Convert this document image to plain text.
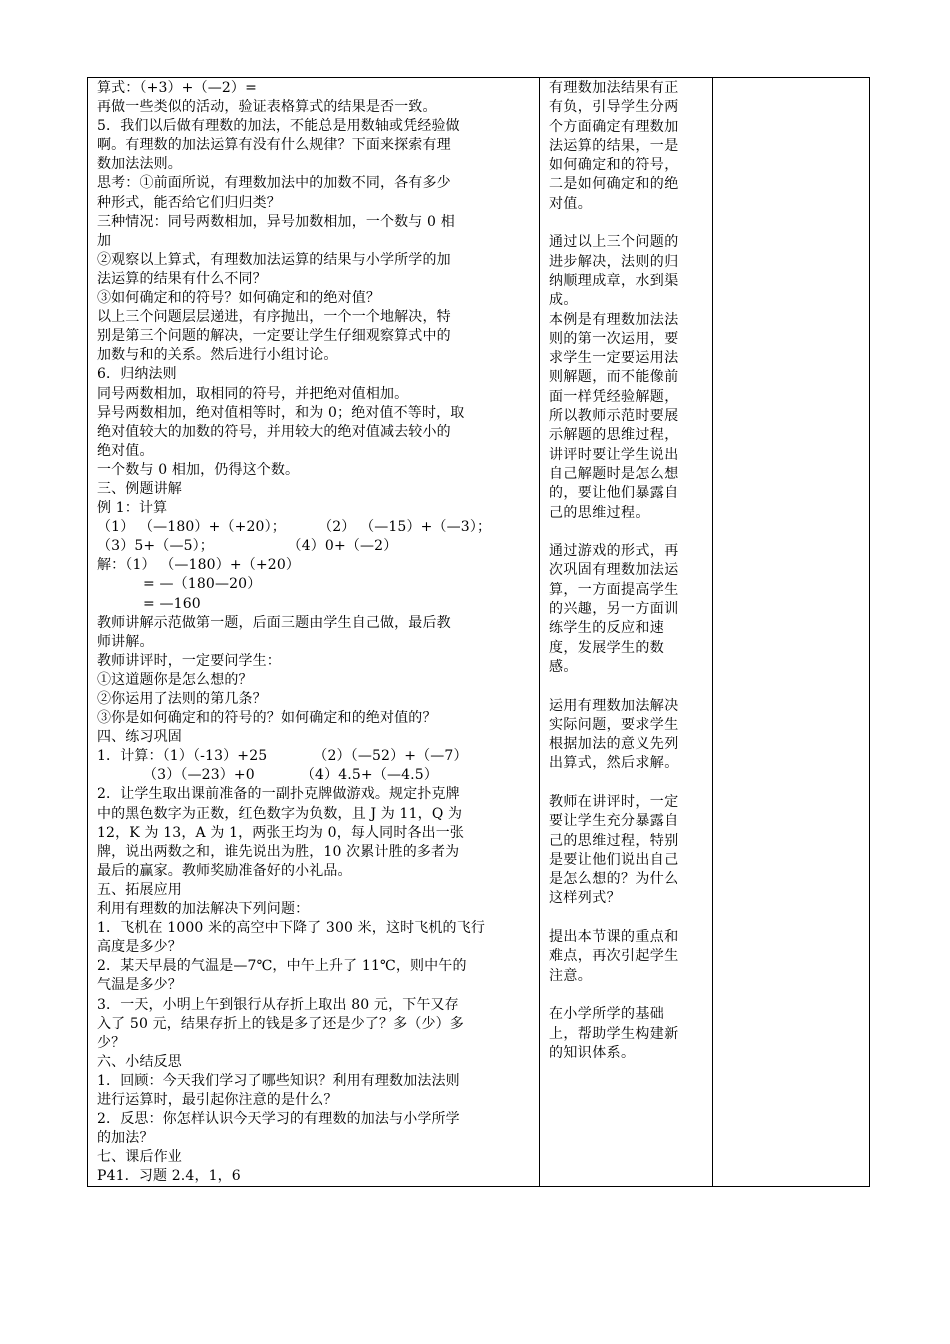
算式：（+3）+（—2）=
再做一些类似的活动，验证表格算式的结果是否一致。
5．我们以后做有理数的加法，不能总是用数轴或凭经验做
啊。有理数的加法运算有没有什么规律？下面来探索有理
数加法法则。
思考：①前面所说，有理数加法中的加数不同，各有多少
种形式，能否给它们归归类？
三种情况：同号两数相加，异号加数相加，一个数与 0 相
加
②观察以上算式，有理数加法运算的结果与小学所学的加
法运算的结果有什么不同？
③如何确定和的符号？如何确定和的绝对值？
以上三个问题层层递进，有序抛出，一个一个地解决，特
别是第三个问题的解决，一定要让学生仔细观察算式中的
加数与和的关系。然后进行小组讨论。
6．归纳法则
同号两数相加，取相同的符号，并把绝对值相加。
异号两数相加，绝对值相等时，和为 0；绝对值不等时，取
绝对值较大的加数的符号，并用较大的绝对值减去较小的
绝对值。
一个数与 0 相加，仍得这个数。
三、例题讲解
例 1：计算
（1） （—180）+（+20）；       （2） （—15）+（—3）；
（3）5+（—5）；                （4）0+（—2）
解：（1） （—180）+（+20）
= —（180—20）
= —160
教师讲解示范做第一题，后面三题由学生自己做，最后教
师讲解。
教师讲评时，一定要问学生：
①这道题你是怎么想的？
②你运用了法则的第几条？
③你是如何确定和的符号的？如何确定和的绝对值的？
四、练习巩固
1．计算：（1）（-13）+25          （2）（—52）+（—7）
（3）（—23）+0          （4）4.5+（—4.5）
2．让学生取出课前准备的一副扑克牌做游戏。规定扑克牌
中的黑色数字为正数，红色数字为负数，且 J 为 11，Q 为
12，K 为 13，A 为 1，两张王均为 0，每人同时各出一张
牌，说出两数之和，谁先说出为胜，10 次累计胜的多者为
最后的赢家。教师奖励准备好的小礼品。
五、拓展应用
利用有理数的加法解决下列问题：
1．飞机在 1000 米的高空中下降了 300 米，这时飞机的飞行
高度是多少？
2．某天早晨的气温是—7℃，中午上升了 11℃，则中午的
气温是多少？
3．一天，小明上午到银行从存折上取出 80 元，下午又存
入了 50 元，结果存折上的钱是多了还是少了？多（少）多
少？
六、小结反思
1．回顾：今天我们学习了哪些知识？利用有理数加法法则
进行运算时，最引起你注意的是什么？
2．反思：你怎样认识今天学习的有理数的加法与小学所学
的加法？
七、课后作业
P41．习题 2.4，1，6

有理数加法结果有正
有负，引导学生分两
个方面确定有理数加
法运算的结果，一是
如何确定和的符号，
二是如何确定和的绝
对值。
通过以上三个问题的
进步解决，法则的归
纳顺理成章，水到渠
成。
本例是有理数加法法
则的第一次运用，要
求学生一定要运用法
则解题，而不能像前
面一样凭经验解题，
所以教师示范时要展
示解题的思维过程，
讲评时要让学生说出
自己解题时是怎么想
的，要让他们暴露自
己的思维过程。
通过游戏的形式，再
次巩固有理数加法运
算，一方面提高学生
的兴趣，另一方面训
练学生的反应和速
度，发展学生的数
感。
运用有理数加法解决
实际问题，要求学生
根据加法的意义先列
出算式，然后求解。
教师在讲评时，一定
要让学生充分暴露自
己的思维过程，特别
是要让他们说出自己
是怎么想的？为什么
这样列式？
提出本节课的重点和
难点，再次引起学生
注意。
在小学所学的基础
上，帮助学生构建新
的知识体系。
